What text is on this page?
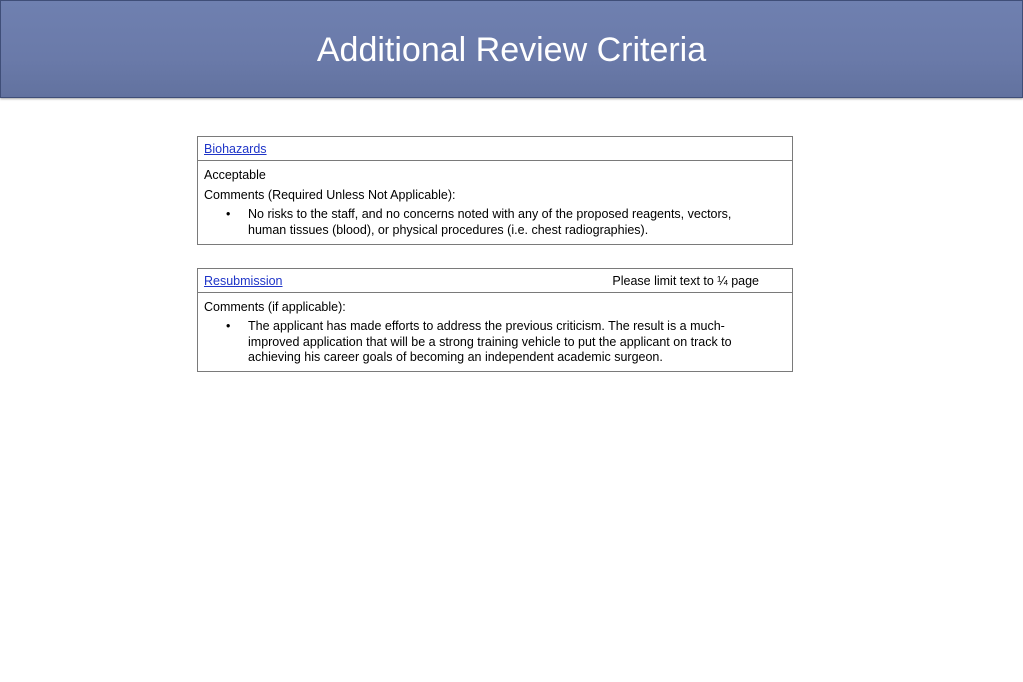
Additional Review Criteria
Biohazards
Acceptable
Comments (Required Unless Not Applicable):
• No risks to the staff, and no concerns noted with any of the proposed reagents, vectors, human tissues (blood), or physical procedures (i.e. chest radiographies).
Resubmission	Please limit text to ¼ page
Comments (if applicable):
• The applicant has made efforts to address the previous criticism. The result is a much-improved application that will be a strong training vehicle to put the applicant on track to achieving his career goals of becoming an independent academic surgeon.
